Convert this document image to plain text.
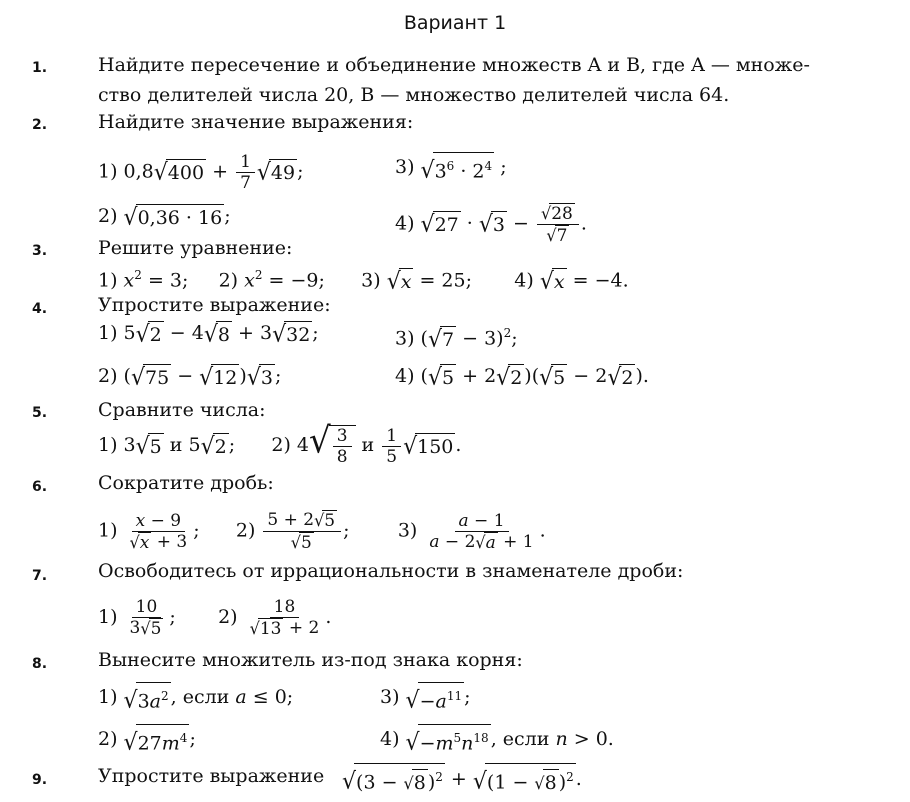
Вариант 1
1.	Найдите пересечение и объединение множеств A и B, где A — множе-
ство делителей числа 20, B — множество делителей числа 64.
2.	Найдите значение выражения:
1) $0,8√400 + \frac{1}{7} √49$ ;	3) $√3^6 \cdot 2^4$ ;
2) √0,36 · 16 ;	4) $√27 \cdot √3 - \frac{√28}{√7}$ .
3.	Решите уравнение:
1) $x^2 = 3$;     2) $x^2 = -9$;      3) √x = 25;       4) √x = −4.
4.	Упростите выражение:
1) 5√2 − 4√8 + 3√32 ;	3) $(√7 - 3)^2$;
2) (√75 − √12 )√3 ;	4) (√5 + 2√2 )(√5 − 2√2 ).
5.	Сравните числа:
1) 3√5 и 5√2 ;      2) $4√ \frac{3}{8}$ и $\frac{1}{5} √150$ .
6.	Сократите дробь:
$1) \frac{x - 9}{√x + 3}$ ;      $2) \frac{5 + 2√5}{√5}$ ;        $3) \frac{a - 1}{a - 2√a + 1}$ .
7.	Освободитесь от иррациональности в знаменателе дроби:
$1) \frac{10}{3√5}$ ;       $2) \frac{18}{√13 + 2}$ .
8.	Вынесите множитель из-под знака корня:
1) $√3a^2$ , если a ≤ 0;	3) $√-a^{11}$ ;
2) $√27m^4$ ;	4) $√-m^5n^{18}$ , если n > 0.
9.	Упростите выражение √(3 − √8 )$^2$ + √(1 − √8 )$^2$ .
